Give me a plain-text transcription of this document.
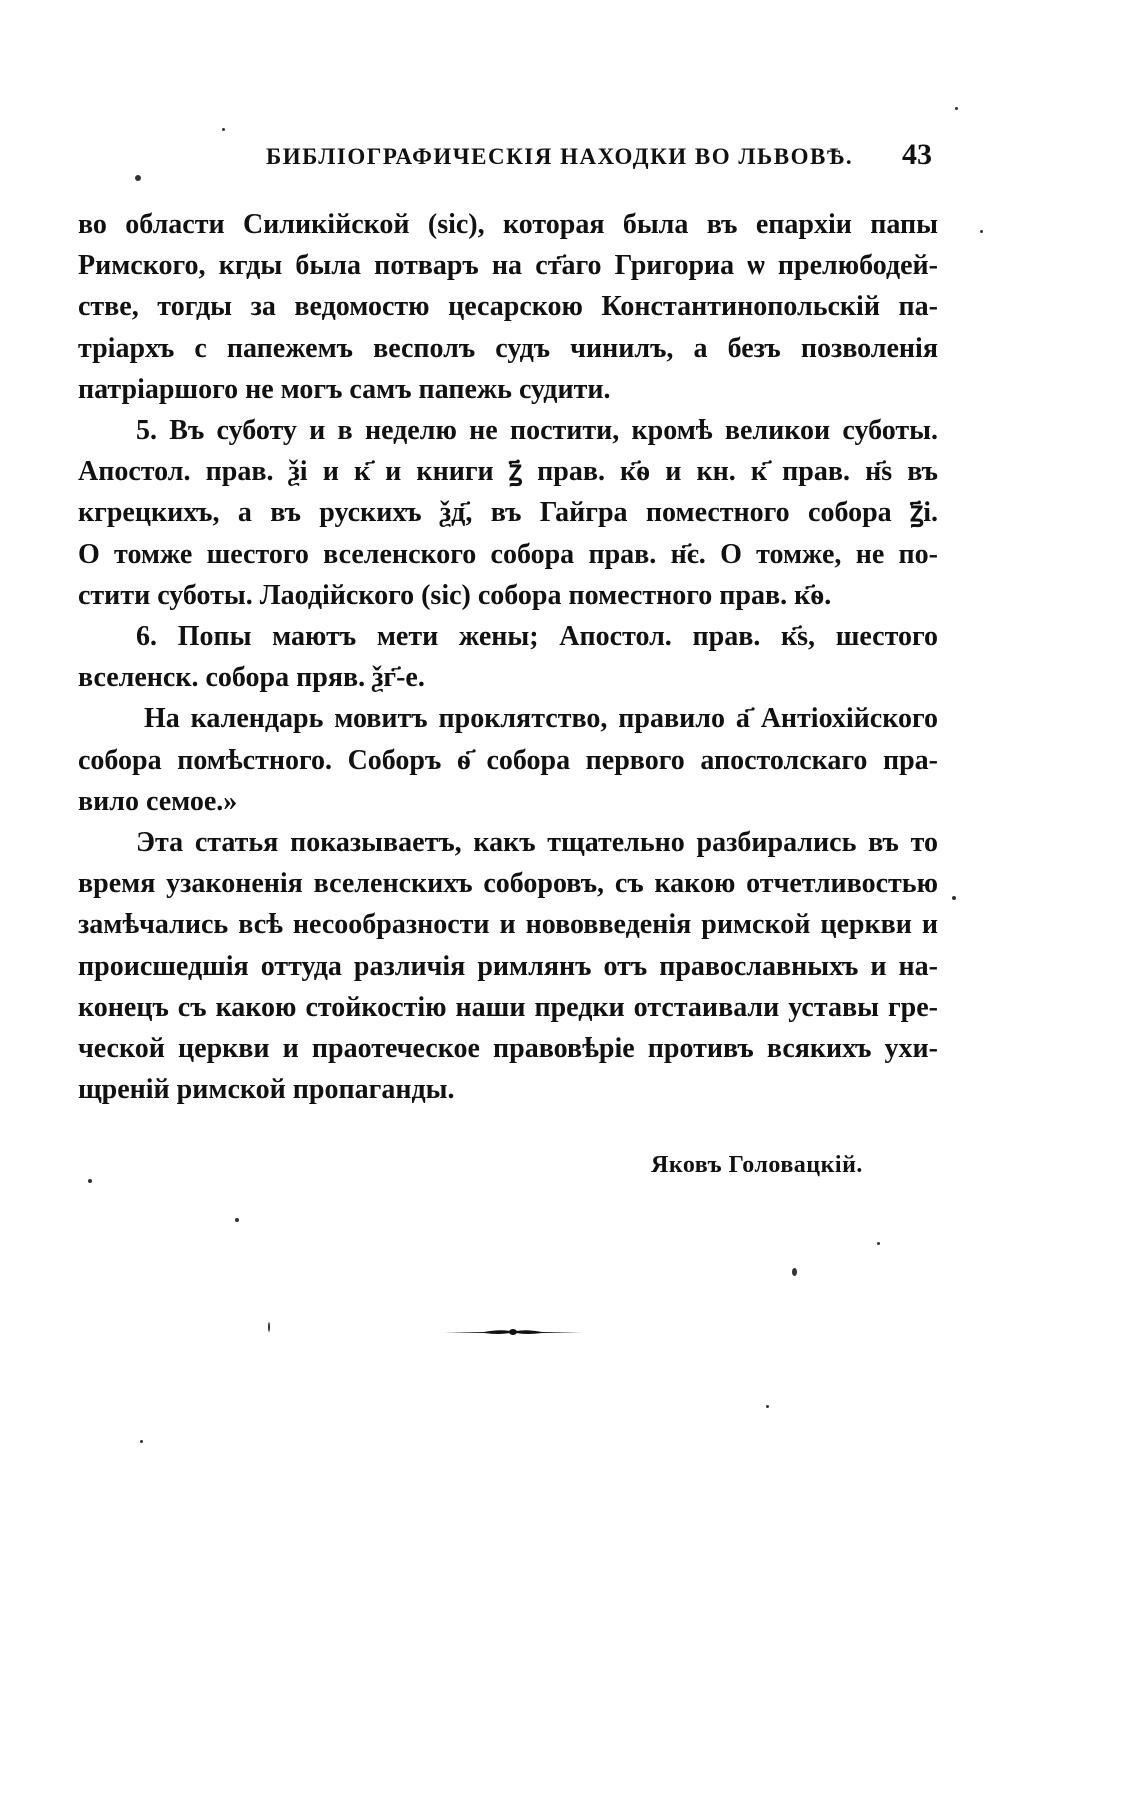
БИБЛІОГРАФИЧЕСКІЯ НАХОДКИ ВО ЛЬВОВѢ. 43
во области Силикійской (sic), которая была въ епархіи папы
Римского, кгды была потваръ на ст҃аго Григориа ѡ прелюбодей-
стве, тогды за ведомостю цесарскою Константинопольскій па-
тріархъ с папежемъ весполъ судъ чинилъ, а безъ позволенія
патріаршого не могъ самъ папежь судити.
5. Въ суботу и в неделю не постити, кромѣ великои суботы.
Апостол. прав. ѯі и к҃ и книги ꙁ҃ прав. к҃ѳ и кн. к҃ прав. н҃ѕ въ
кгрецкихъ, а въ рускихъ ѯд҃, въ Гайгра поместного собора ꙁ҃і.
О томже шестого вселенского собора прав. н҃є. О томже, не по-
стити суботы. Лаодійского (sic) собора поместного прав. к҃ѳ.
6. Попы маютъ мети жены; Апостол. прав. к҃ѕ, шестого
вселенск. собора пряв. ѯг҃-е.
На календарь мовитъ проклятство, правило а҃ Антіохійского
собора помѣстного. Соборъ ѳ҃ собора первого апостолскаго пра-
вило семое.»
Эта статья показываетъ, какъ тщательно разбирались въ то
время узаконенія вселенскихъ соборовъ, съ какою отчетливостью
замѣчались всѣ несообразности и нововведенія римской церкви и
происшедшія оттуда различія римлянъ отъ православныхъ и на-
конецъ съ какою стойкостію наши предки отстаивали уставы гре-
ческой церкви и праотеческое правовѣріе противъ всякихъ ухи-
щреній римской пропаганды.
Яковъ Головацкій.
